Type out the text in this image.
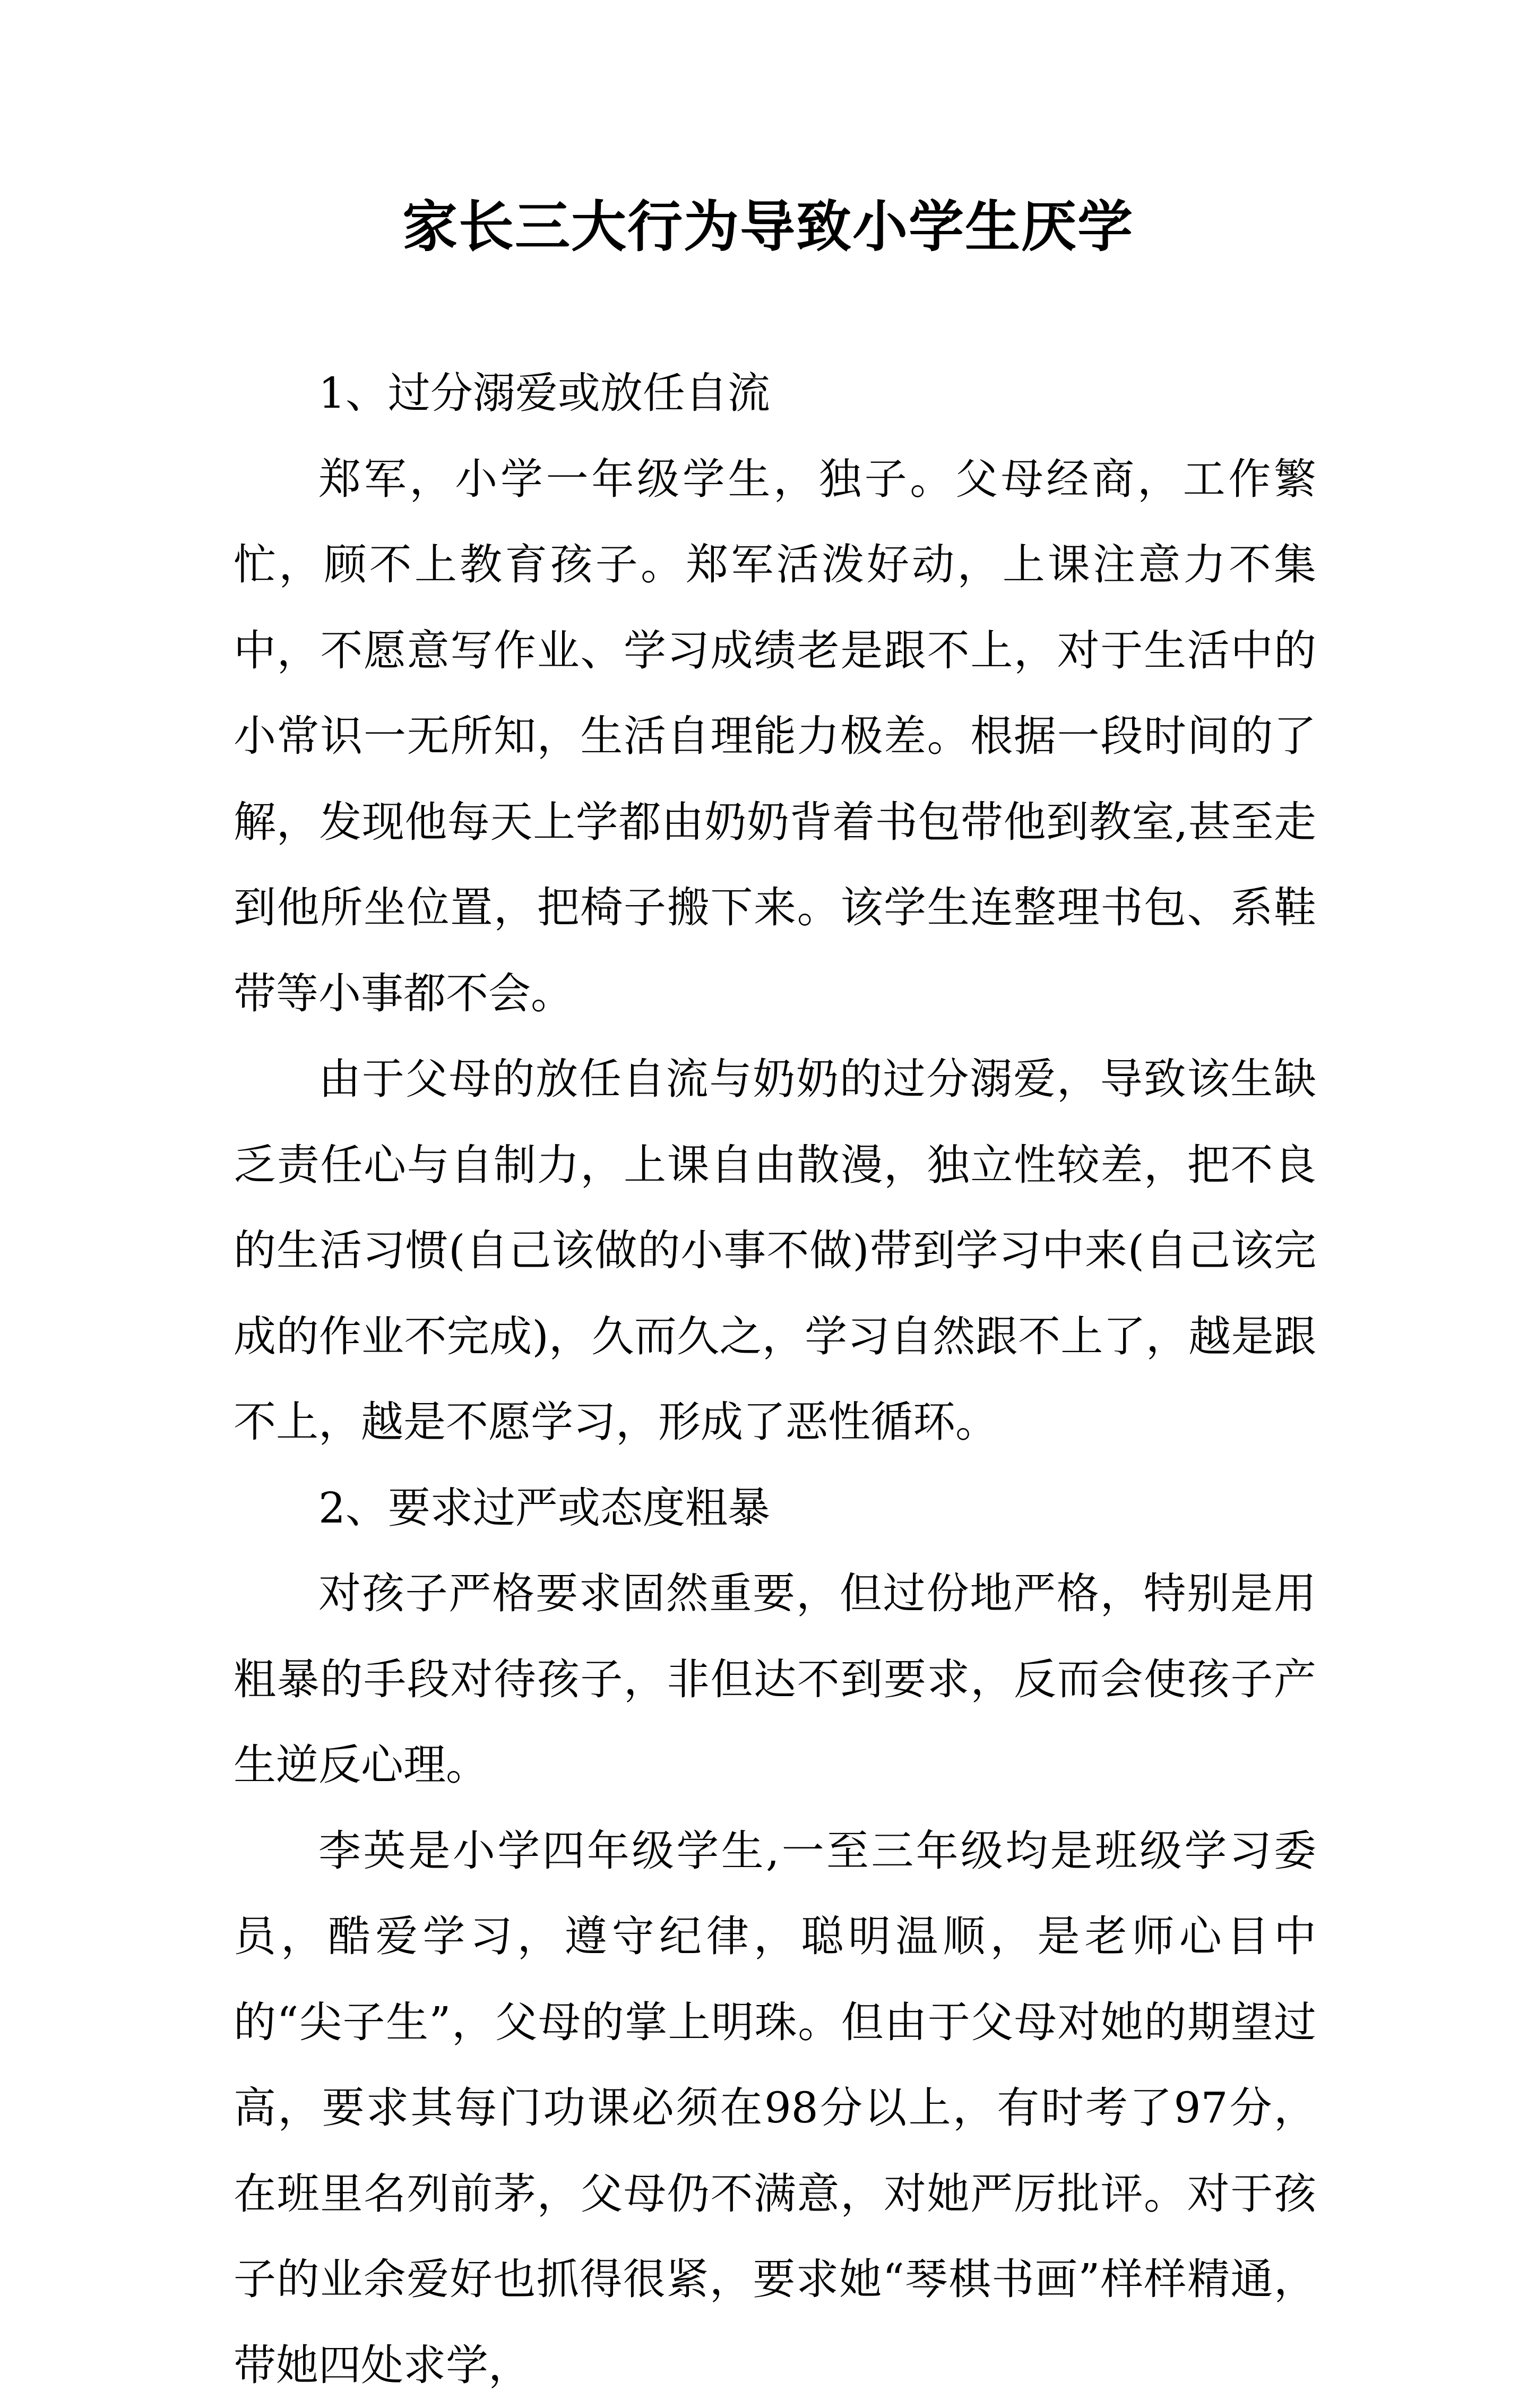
家长三大行为导致小学生厌学

1、过分溺爱或放任自流

郑军，小学一年级学生，独子。父母经商，工作繁忙，顾不上教育孩子。郑军活泼好动，上课注意力不集中，不愿意写作业、学习成绩老是跟不上，对于生活中的小常识一无所知，生活自理能力极差。根据一段时间的了解，发现他每天上学都由奶奶背着书包带他到教室,甚至走到他所坐位置，把椅子搬下来。该学生连整理书包、系鞋带等小事都不会。

由于父母的放任自流与奶奶的过分溺爱，导致该生缺乏责任心与自制力，上课自由散漫，独立性较差，把不良的生活习惯(自己该做的小事不做)带到学习中来(自己该完成的作业不完成)，久而久之，学习自然跟不上了，越是跟不上，越是不愿学习，形成了恶性循环。

2、要求过严或态度粗暴

对孩子严格要求固然重要，但过份地严格，特别是用粗暴的手段对待孩子，非但达不到要求，反而会使孩子产生逆反心理。

李英是小学四年级学生,一至三年级均是班级学习委员，酷爱学习，遵守纪律，聪明温顺，是老师心目中的“尖子生”，父母的掌上明珠。但由于父母对她的期望过高，要求其每门功课必须在98分以上，有时考了97分，在班里名列前茅，父母仍不满意，对她严厉批评。对于孩子的业余爱好也抓得很紧，要求她“琴棋书画”样样精通，带她四处求学，
